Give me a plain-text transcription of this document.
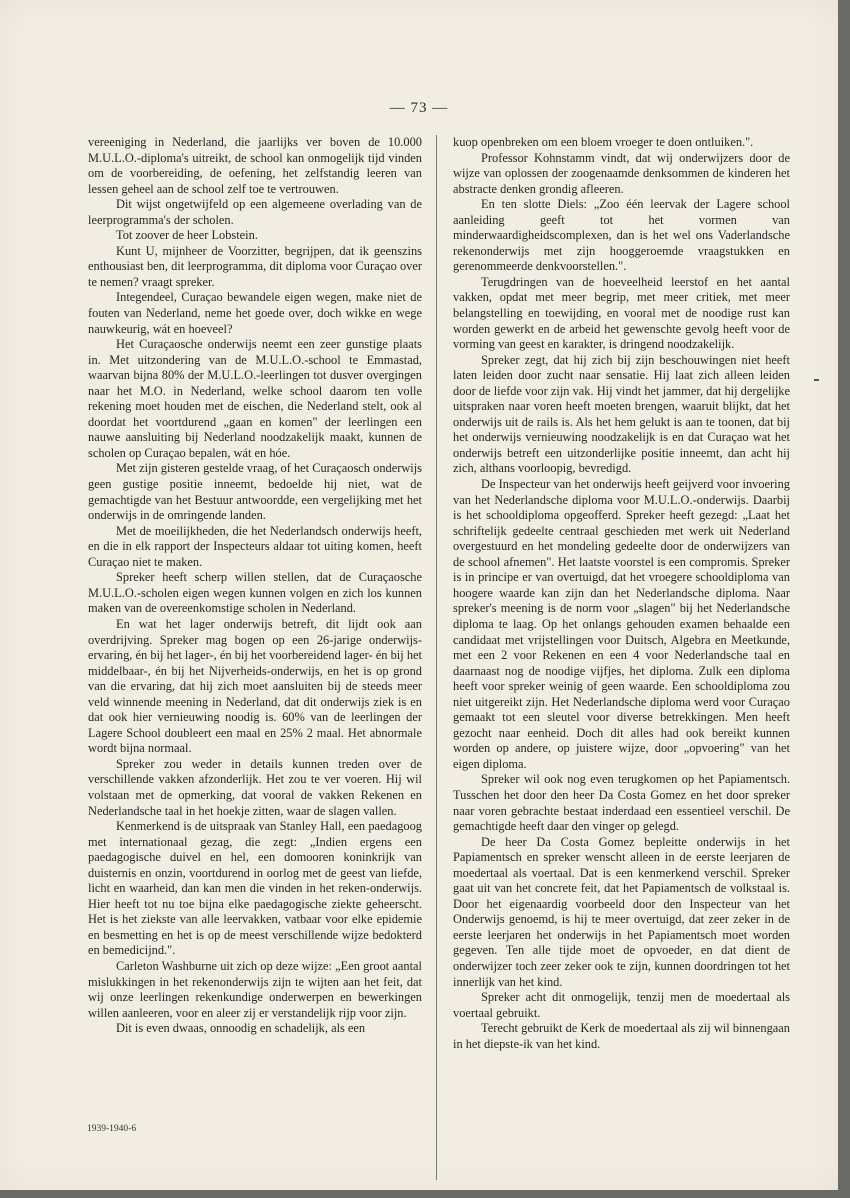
— 73 —

vereeniging in Nederland, die jaarlijks ver boven de 10.000 M.U.L.O.-diploma's uitreikt, de school kan onmogelijk tijd vinden om de voorbereiding, de oefening, het zelfstandig leeren van lessen geheel aan de school zelf toe te vertrouwen.

Dit wijst ongetwijfeld op een algemeene overlading van de leerprogramma's der scholen.

Tot zoover de heer Lobstein.

Kunt U, mijnheer de Voorzitter, begrijpen, dat ik geenszins enthousiast ben, dit leerprogramma, dit diploma voor Curaçao over te nemen? vraagt spreker.

Integendeel, Curaçao bewandele eigen wegen, make niet de fouten van Nederland, neme het goede over, doch wikke en wege nauwkeurig, wát en hoeveel?

Het Curaçaosche onderwijs neemt een zeer gunstige plaats in. Met uitzondering van de M.U.L.O.-school te Emmastad, waarvan bijna 80% der M.U.L.O.-leerlingen tot dusver overgingen naar het M.O. in Nederland, welke school daarom ten volle rekening moet houden met de eischen, die Nederland stelt, ook al doordat het voortdurend „gaan en komen" der leerlingen een nauwe aansluiting bij Nederland noodzakelijk maakt, kunnen de scholen op Curaçao bepalen, wát en hóe.

Met zijn gisteren gestelde vraag, of het Curaçaosch onderwijs geen gustige positie inneemt, bedoelde hij niet, wat de gemachtigde van het Bestuur antwoordde, een vergelijking met het onderwijs in de omringende landen.

Met de moeilijkheden, die het Nederlandsch onderwijs heeft, en die in elk rapport der Inspecteurs aldaar tot uiting komen, heeft Curaçao niet te maken.

Spreker heeft scherp willen stellen, dat de Curaçaosche M.U.L.O.-scholen eigen wegen kunnen volgen en zich los kunnen maken van de overeenkomstige scholen in Nederland.

En wat het lager onderwijs betreft, dit lijdt ook aan overdrijving. Spreker mag bogen op een 26-jarige onderwijs-ervaring, én bij het lager-, én bij het voorbereidend lager- én bij het middelbaar-, én bij het Nijverheids-onderwijs, en het is op grond van die ervaring, dat hij zich moet aansluiten bij de steeds meer veld winnende meening in Nederland, dat dit onderwijs ziek is en dat ook hier vernieuwing noodig is. 60% van de leerlingen der Lagere School doubleert een maal en 25% 2 maal. Het abnormale wordt bijna normaal.

Spreker zou weder in details kunnen treden over de verschillende vakken afzonderlijk. Het zou te ver voeren. Hij wil volstaan met de opmerking, dat vooral de vakken Rekenen en Nederlandsche taal in het hoekje zitten, waar de slagen vallen.

Kenmerkend is de uitspraak van Stanley Hall, een paedagoog met internationaal gezag, die zegt: „Indien ergens een paedagogische duivel en hel, een domooren koninkrijk van duisternis en onzin, voortdurend in oorlog met de geest van liefde, licht en waarheid, dan kan men die vinden in het reken-onderwijs. Hier heeft tot nu toe bijna elke paedagogische ziekte geheerscht. Het is het ziekste van alle leervakken, vatbaar voor elke epidemie en besmetting en het is op de meest verschillende wijze bedokterd en bemedicijnd.".

Carleton Washburne uit zich op deze wijze: „Een groot aantal mislukkingen in het rekenonderwijs zijn te wijten aan het feit, dat wij onze leerlingen rekenkundige onderwerpen en bewerkingen willen aanleeren, voor en aleer zij er verstandelijk rijp voor zijn.

Dit is even dwaas, onnoodig en schadelijk, als een

kuop openbreken om een bloem vroeger te doen ontluiken.".

Professor Kohnstamm vindt, dat wij onderwijzers door de wijze van oplossen der zoogenaamde denksommen de kinderen het abstracte denken grondig afleeren.

En ten slotte Diels: „Zoo één leervak der Lagere school aanleiding geeft tot het vormen van minderwaardigheidscomplexen, dan is het wel ons Vaderlandsche rekenonderwijs met zijn hooggeroemde vraagstukken en gerenommeerde denkvoorstellen.".

Terugdringen van de hoeveelheid leerstof en het aantal vakken, opdat met meer begrip, met meer critiek, met meer belangstelling en toewijding, en vooral met de noodige rust kan worden gewerkt en de arbeid het gewenschte gevolg heeft voor de vorming van geest en karakter, is dringend noodzakelijk.

Spreker zegt, dat hij zich bij zijn beschouwingen niet heeft laten leiden door zucht naar sensatie. Hij laat zich alleen leiden door de liefde voor zijn vak. Hij vindt het jammer, dat hij dergelijke uitspraken naar voren heeft moeten brengen, waaruit blijkt, dat het onderwijs uit de rails is. Als het hem gelukt is aan te toonen, dat bij het onderwijs vernieuwing noodzakelijk is en dat Curaçao wat het onderwijs betreft een uitzonderlijke positie inneemt, dan acht hij zich, althans voorloopig, bevredigd.

De Inspecteur van het onderwijs heeft geijverd voor invoering van het Nederlandsche diploma voor M.U.L.O.-onderwijs. Daarbij is het schooldiploma opgeofferd. Spreker heeft gezegd: „Laat het schriftelijk gedeelte centraal geschieden met werk uit Nederland overgestuurd en het mondeling gedeelte door de onderwijzers van de school afnemen". Het laatste voorstel is een compromis. Spreker is in principe er van overtuigd, dat het vroegere schooldiploma van hoogere waarde kan zijn dan het Nederlandsche diploma. Naar spreker's meening is de norm voor „slagen" bij het Nederlandsche diploma te laag. Op het onlangs gehouden examen behaalde een candidaat met vrijstellingen voor Duitsch, Algebra en Meetkunde, met een 2 voor Rekenen en een 4 voor Nederlandsche taal en daarnaast nog de noodige vijfjes, het diploma. Zulk een diploma heeft voor spreker weinig of geen waarde. Een schooldiploma zou niet uitgereikt zijn. Het Nederlandsche diploma werd voor Curaçao gemaakt tot een sleutel voor diverse betrekkingen. Men heeft gezocht naar eenheid. Doch dit alles had ook bereikt kunnen worden op andere, op juistere wijze, door „opvoering" van het eigen diploma.

Spreker wil ook nog even terugkomen op het Papiamentsch. Tusschen het door den heer Da Costa Gomez en het door spreker naar voren gebrachte bestaat inderdaad een essentieel verschil. De gemachtigde heeft daar den vinger op gelegd.

De heer Da Costa Gomez bepleitte onderwijs in het Papiamentsch en spreker wenscht alleen in de eerste leerjaren de moedertaal als voertaal. Dat is een kenmerkend verschil. Spreker gaat uit van het concrete feit, dat het Papiamentsch de volkstaal is. Door het eigenaardig voorbeeld door den Inspecteur van het Onderwijs genoemd, is hij te meer overtuigd, dat zeer zeker in de eerste leerjaren het onderwijs in het Papiamentsch moet worden gegeven. Ten alle tijde moet de opvoeder, en dat dient de onderwijzer toch zeer zeker ook te zijn, kunnen doordringen tot het innerlijk van het kind.

Spreker acht dit onmogelijk, tenzij men de moedertaal als voertaal gebruikt.

Terecht gebruikt de Kerk de moedertaal als zij wil binnengaan in het diepste-ik van het kind.

1939-1940-6
